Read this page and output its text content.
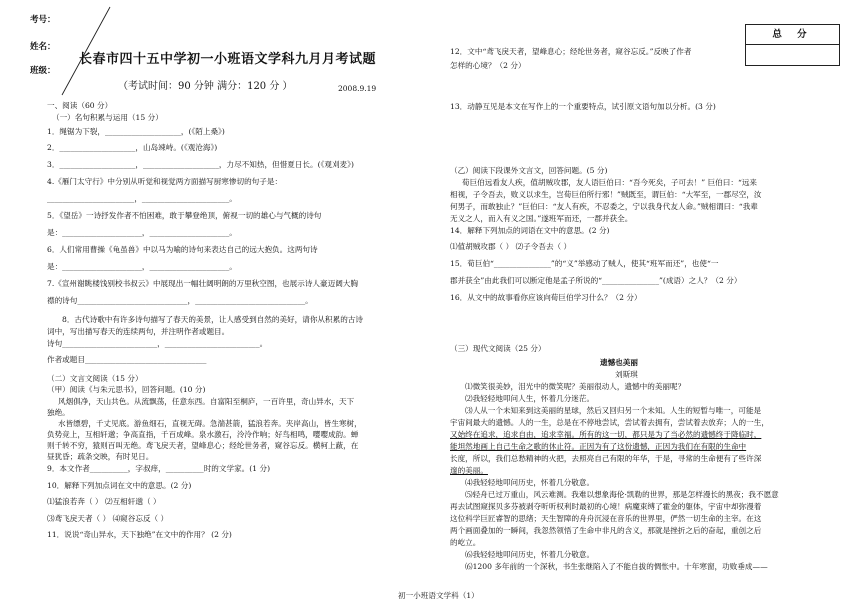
考号：
姓名：
班级：
长春市四十五中学初一小班语文学科九月月考试题
（考试时间：90 分钟 满分：120 分 ）	2008.9.19
总 分
一、阅读（60 分）
（一）名句积累与运用（15 分）
1．绳锯为下裂，____________________，(《陌上桑》)
2．____________________，山岛竦峙。(《观沧海》)
3．____________________，____________________，力尽不知热，但惜夏日长。(《观刈麦》)
4.《雁门太守行》中分别从听觉和视觉两方面描写厨寒惨切的句子是：
_______________________，_______________________。
5．《望岳》一诗抒发作者不怕困难，敢于攀登绝顶，俯视一切的雄心与气概的诗句
是：_____________________，_____________________。
6．人们常用曹操《龟虽兽》中以马为喻的诗句来表达自己的远大抱负。这两句诗
是：_____________________，_____________________。
7.《宣州谢眺楼饯别校书叔云》中展现出一幅壮阔明朗的万里秋空图，也展示诗人豪迈阔大胸
襟的诗句_____________________________，_____________________________。
8．古代诗歌中有许多诗句描写了春天的美景，让人感受到自然的美好，请你从积累的古诗
词中，写出描写春天的连续两句，并注明作者或题目。
诗句_________________________，_________________________。
作者或题目________________________________
（二）文言文阅读（15 分）
（甲）阅读《与朱元思书》，回答问题。(10 分)
风烟俱净，天山共色。从流飘荡，任意东西。自富阳至桐庐，一百许里，奇山异水，天下
独绝。
水皆缥碧，千丈见底。游鱼细石，直视无碍。急湍甚箭，猛浪若奔。夹岸高山，皆生寒树，
负势竞上，互相轩邈；争高直指，千百成峰。泉水激石，泠泠作响；好鸟相鸣，嘤嘤成韵。蝉
则千转不穷，猿则百叫无绝。鸢飞戾天者，望峰息心；经纶世务者，窥谷忘反。横柯上蔽，在
昼犹昏；疏条交映，有时见日。
9．本文作者__________，字叔痒，__________时的文学家。(1 分)
10．解释下列加点词在文中的意思。(2 分)
⑴猛浪若奔（ ） ⑵互相轩邈（ ）
⑶鸢飞戾天者（ ） ⑷窥谷忘反（ ）
11．说说“奇山异水，天下独绝”在文中的作用？ (2 分)
12．文中“鸢飞戾天者，望峰息心；经纶世务者，窥谷忘反。”反映了作者
怎样的心境？（2 分）
13．动静互见是本文在写作上的一个重要特点，试引原文语句加以分析。(3 分)
（乙）阅读下段课外文言文，回答问题。(5 分)
荀巨伯远看友人疾，值胡贼攻郡，友人语巨伯曰：“吾今死矣，子可去！” 巨伯曰：“远来
相视，子令吾去，败义以求生，岂荀巨伯所行邪！”贼既至，谓巨伯：“大军至，一郡尽空，汝
何男子，而敢独止？”巨伯曰：“友人有疾，不忍委之，宁以我身代友人命。”贼相谓曰：“我辈
无义之人，而入有义之国。”遂班军而还，一郡并获全。
14．解释下列加点的词语在文中的意思。(2 分)
⑴值胡贼攻郡（ ） ⑵子令吾去（ ）
15．荀巨伯“_______________”的“义”举感动了贼人，使其“班军而还”，也使“一
郡并获全”由此我们可以断定他是孟子所说的“_______________”(成语）之人？（2 分）
16．从文中的故事看你应该向荀巨伯学习什么？（2 分）
（三）现代文阅读（25 分）
遗憾也美丽
刘斯琪
⑴微笑很美妙，泪光中的微笑呢？美丽很动人，遗憾中的美丽呢？
⑵我轻轻地叩问人生，怀着几分迷茫。
⑶人从一个未知来到这美丽的星球，然后又回归另一个未知。人生的短暂与唯一，可能是
宇宙间最大的遗憾。人的一生，总是在不停地尝试，尝试着去拥有，尝试着去放弃；人的一生，
又始终在追求，追求自由，追求幸福。所有的这一切，都只是为了当必然的遗憾终于降临时，
能坦然地画上自己生命之歌的休止符。正因为有了这份遗憾，正因为我们在有限的生命中
长度，所以，我们总愁精神的火把，去照亮自己有限的年华，于是，寻常的生命便有了些许深
邃的美丽。
⑷我轻轻地叩问历史，怀着几分敬意。
⑸轻舟已过万重山，风云难测。我难以想象海伦·凯勒的世界，那是怎样漫长的黑夜；我不愿意
再去试图窥探贝多芬被剥夺听听权利时最初的心境！病魔束缚了霍金的躯体，宇宙中却弥漫着
这位科学巨匠睿智的思绪；天生智障的舟舟沉浸在音乐的世界里，俨然一切生命的主宰。在这
两个画面叠加的一瞬间，我忽然领悟了生命中非凡的含义，那就是挫折之后的奋起，重创之后
的屹立。
⑹我轻轻地叩问历史，怀着几分敬意。
⑹1200 多年前的一个深秋，书生张继陷入了不能自拔的惆怅中。十年寒窗，功败垂成——
初一小班语文学科（1）
